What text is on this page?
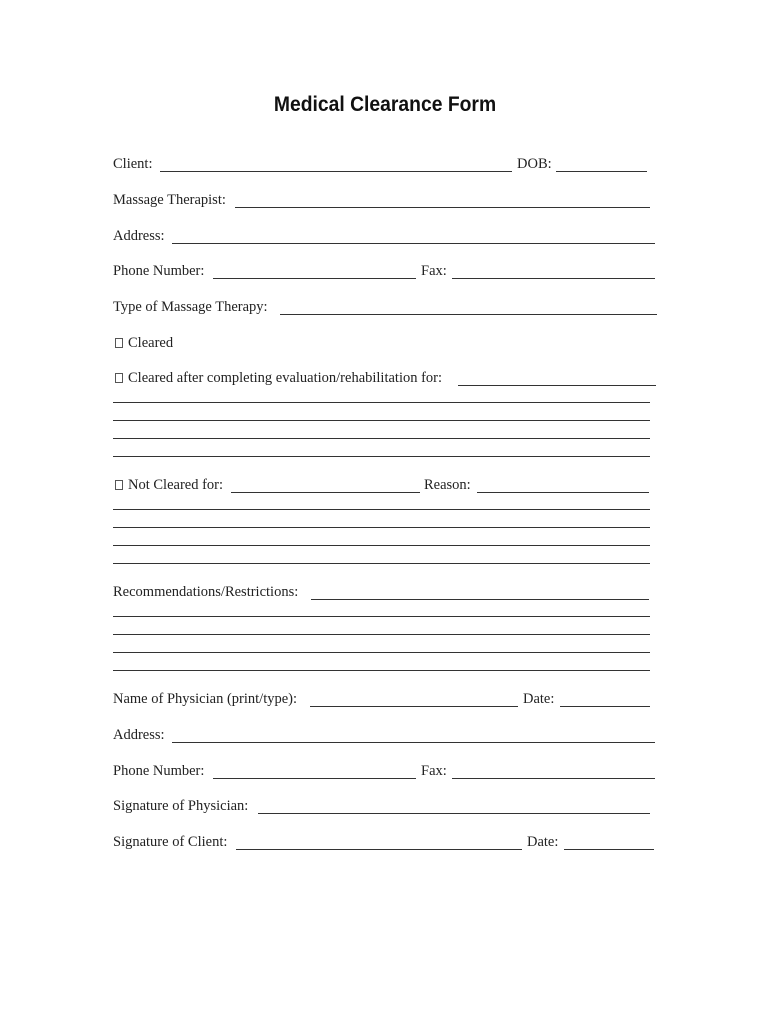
Medical Clearance Form
Client:	DOB:
Massage Therapist:
Address:
Phone Number:	Fax:
Type of Massage Therapy:
Cleared
Cleared after completing evaluation/rehabilitation for:
Not Cleared for:	Reason:
Recommendations/Restrictions:
Name of Physician (print/type):	Date:
Address:
Phone Number:	Fax:
Signature of Physician:
Signature of Client:	Date:
